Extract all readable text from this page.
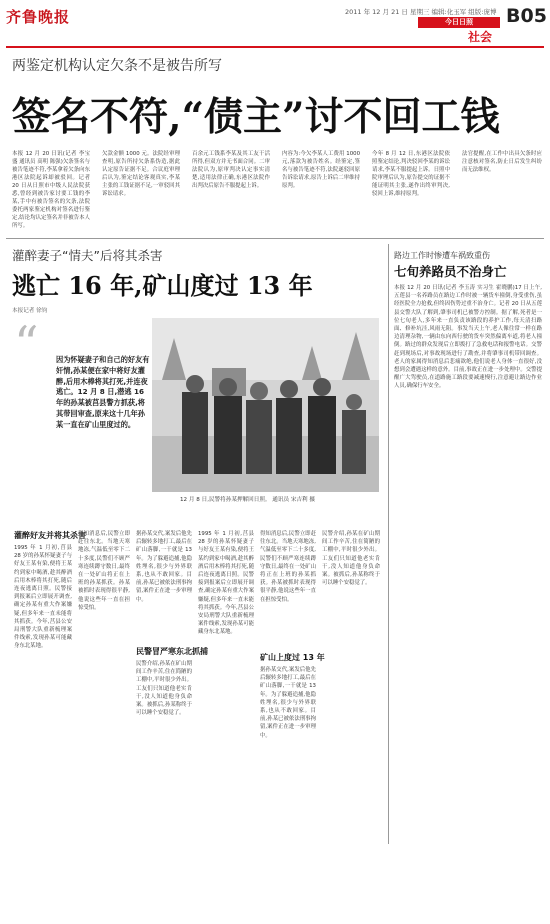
齐鲁晚报	2011 年 12 月 21 日 星期三 编辑:化玉军 组版:庞博
今日日照
社会
B05
两鉴定机构认定欠条不是被告所写
签名不符,“债主”讨不回工钱
本报 12 月 20 日讯(记者 李宝盛 通讯员 高明 陈强)欠条签名与被告笔迹不符,李某拿着欠条向东港区法院起诉却被驳回。记者 20 日从日照市中级人民法院获悉,曾经到被告家讨要工钱的李某,手中有被告签名的欠条,法院委托两家鉴定机构对签名进行鉴定,结论均认定签名并非被告本人所写。
欠款金额 1000 元。法院经审理查明,原告所持欠条系伪造,据此认定原告证据不足。合议庭审理后认为,鉴定结论客观真实,李某主张的工钱证据不足,一审驳回其诉讼请求。
百余元工钱系李某及其工友干活所得,但双方并无书面合同。二审法院认为,原审判决认定事实清楚,适用法律正确,东港区法院作出判决后原告不服提起上诉。
内容为:今欠李某人工费用 1000 元,落款为被告姓名。经鉴定,签名与被告笔迹不符,法院遂驳回原告诉讼请求,原告上诉后二审维持原判。
今年 8 月 12 日,东港区法院依照鉴定结论,判决驳回李某的诉讼请求,李某不服提起上诉。日照中院审理后认为,原告提交的证据不能证明其主张,遂作出终审判决,驳回上诉,维持原判。
法官提醒,在工作中出具欠条时应注意核对签名,防止日后发生纠纷而无法维权。
灌醉妻子“情夫”后将其杀害
逃亡 16 年,矿山度过 13 年
本报记者 徐钧
“ 因为怀疑妻子和自己的好友有奸情,孙某便在家中将好友灌醉,后用木棒将其打死,并连夜逃亡。12 月 8 日,潜逃 16 年的孙某被莒县警方抓获,将其带回审查,原来这十几年孙某一直在矿山里度过的。
12 月 8 日,民警将孙某押解回日照。 通讯员 宋吉利 摄
灌醉好友并将其杀害
1995 年 1 月初,莒县 28 岁的孙某怀疑妻子与好友王某有染,便将王某约到家中喝酒,趁其醉酒后用木棒将其打死,随后连夜逃离日照。民警接到报案后立即展开调查,确定孙某有重大作案嫌疑,但多年来一直未能将其抓获。今年,莒县公安局刑警大队重新梳理案件线索,发现孙某可能藏身东北某地。
得知消息后,民警立即赶往东北。当地天寒地冻,气温低至零下二十多度,民警们不顾严寒连续蹲守数日,最终在一处矿山将正在上班的孙某抓获。孙某被抓时表现得很平静,他说这些年一直在担惊受怕。
据孙某交代,案发后他先后辗转多地打工,最后在矿山落脚,一干就是 13 年。为了躲避追捕,他隐姓埋名,很少与外界联系,也从不敢回家。目前,孙某已被依法刑事拘留,案件正在进一步审理中。
民警冒严寒东北抓捕
民警介绍,孙某在矿山期间工作辛苦,住在简陋的工棚中,平时很少外出。工友们只知道他老实肯干,没人知道他身负命案。被抓后,孙某称终于可以睡个安稳觉了。
1995 年 1 月初,莒县 28 岁的孙某怀疑妻子与好友王某有染,便将王某约到家中喝酒,趁其醉酒后用木棒将其打死,随后连夜逃离日照。民警接到报案后立即展开调查,确定孙某有重大作案嫌疑,但多年来一直未能将其抓获。今年,莒县公安局刑警大队重新梳理案件线索,发现孙某可能藏身东北某地。
得知消息后,民警立即赶往东北。当地天寒地冻,气温低至零下二十多度,民警们不顾严寒连续蹲守数日,最终在一处矿山将正在上班的孙某抓获。孙某被抓时表现得很平静,他说这些年一直在担惊受怕。
矿山上度过 13 年
据孙某交代,案发后他先后辗转多地打工,最后在矿山落脚,一干就是 13 年。为了躲避追捕,他隐姓埋名,很少与外界联系,也从不敢回家。目前,孙某已被依法刑事拘留,案件正在进一步审理中。
民警介绍,孙某在矿山期间工作辛苦,住在简陋的工棚中,平时很少外出。工友们只知道他老实肯干,没人知道他身负命案。被抓后,孙某称终于可以睡个安稳觉了。
路边工作时惨遭车祸致重伤
七旬养路员不治身亡
本报 12 月 20 日讯(记者 李玉涛 实习生 霍晓鹏)17 日上午,五莲县一名养路员在路边工作时被一辆货车撞倒,身受重伤,虽经医院全力抢救,但终因伤势过重不治身亡。记者 20 日从五莲县交警大队了解到,肇事司机已被警方控制。据了解,死者是一位七旬老人,多年来一直负责该路段的养护工作,每天清扫路面、修补坑洼,风雨无阻。事发当天上午,老人像往常一样在路边清理杂物,一辆由东向西行驶的货车突然偏离车道,将老人撞倒。路过的群众发现后立即拨打了急救电话和报警电话。交警赶到现场后,对事故现场进行了勘查,并将肇事司机带回调查。老人的家属得知消息后悲痛欲绝,他们说老人身体一直很好,没想到会遭遇这样的意外。目前,事故正在进一步处理中。交警提醒广大驾驶员,在道路施工路段要减速慢行,注意避让路边作业人员,确保行车安全。
